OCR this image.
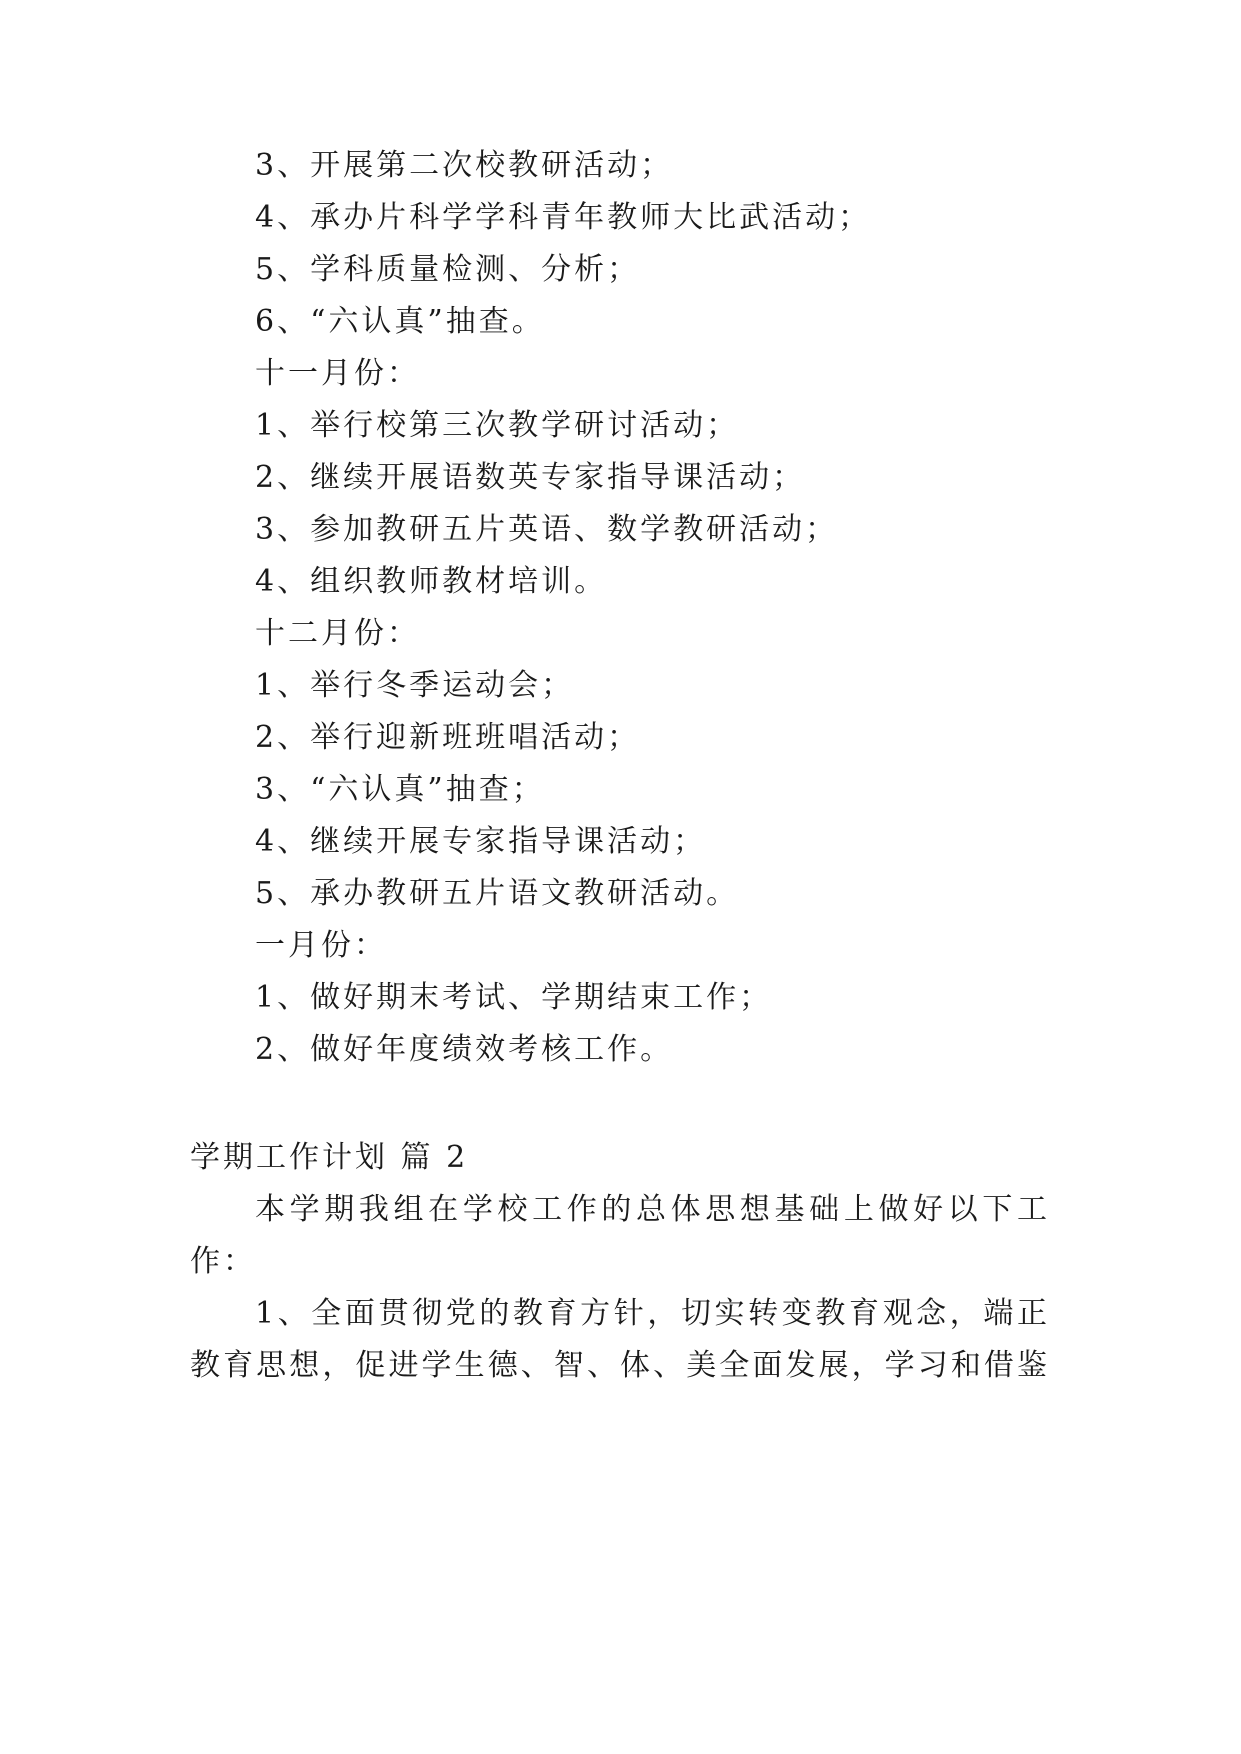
3、开展第二次校教研活动；
4、承办片科学学科青年教师大比武活动；
5、学科质量检测、分析；
6、“六认真”抽查。
十一月份：
1、举行校第三次教学研讨活动；
2、继续开展语数英专家指导课活动；
3、参加教研五片英语、数学教研活动；
4、组织教师教材培训。
十二月份：
1、举行冬季运动会；
2、举行迎新班班唱活动；
3、“六认真”抽查；
4、继续开展专家指导课活动；
5、承办教研五片语文教研活动。
一月份：
1、做好期末考试、学期结束工作；
2、做好年度绩效考核工作。
学期工作计划 篇 2
本学期我组在学校工作的总体思想基础上做好以下工
作：
1、全面贯彻党的教育方针，切实转变教育观念，端正
教育思想，促进学生德、智、体、美全面发展，学习和借鉴
